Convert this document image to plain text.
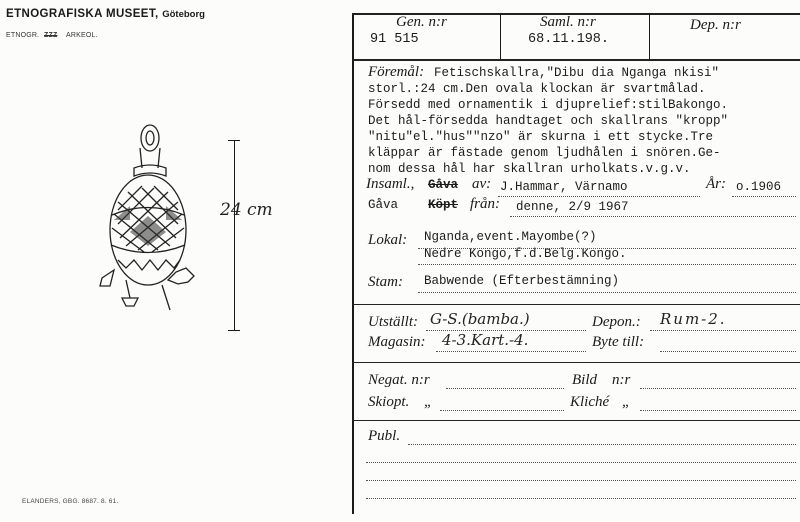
ETNOGRAFISKA MUSEET, Göteborg
ETNOGR. ZZZ ARKEOL.
24 cm
ELANDERS, GBG. 8687. 8. 61.
Gen. n:r
91 515
Saml. n:r
68.11.198.
Dep. n:r
Föremål: Fetischskallra,"Dibu dia Nganga nkisi"
storl.:24 cm.Den ovala klockan är svartmålad.
Försedd med ornamentik i djuprelief:stilBakongo.
Det hål-försedda handtaget och skallrans "kropp"
"nitu"el."hus""nzo" är skurna i ett stycke.Tre
kläppar är fästade genom ljudhålen i snören.Ge-
nom dessa hål har skallran urholkats.v.g.v.
Insaml., Gåva av: J.Hammar, Värnamo	År: o.1906
Gåva Köpt från: denne, 2/9 1967
Lokal: Nganda,event.Mayombe(?)
Nedre Kongo,f.d.Belg.Kongo.
Stam: Babwende (Efterbestämning)
Utställt: G-S.(bamba.)	Depon.: Rum-2.
Magasin: 4-3.Kart.-4.	Byte till:
Negat. n:r	Bild n:r
Skiopt. „	Kliché „
Publ.
